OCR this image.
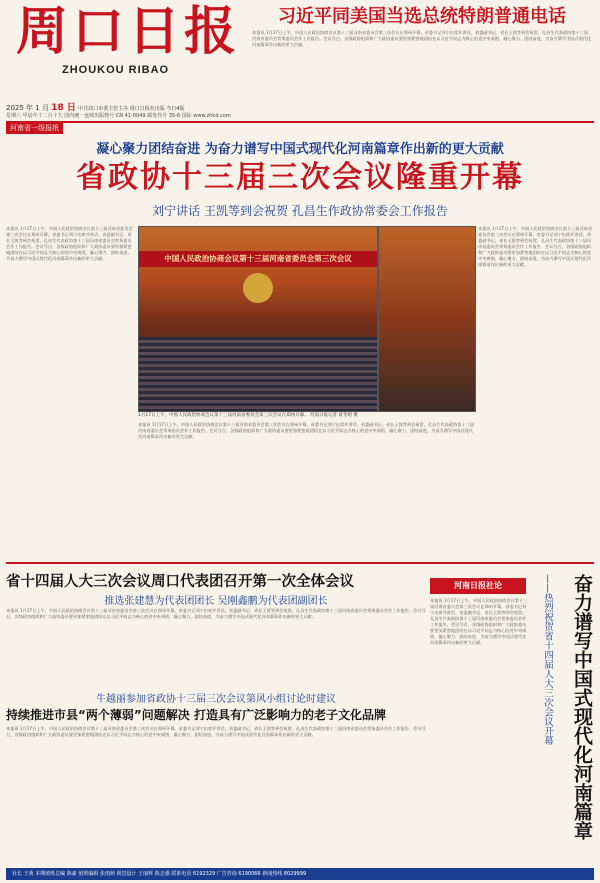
周口日报
ZHOUKOU RIBAO
2025 年 1 月 18 日 中共周口市委主管主办 周口日报社出版 今日4版
星期六 甲辰年十二月十九 国内统一连续出版物号 CN 41-0049 邮发代号 35-6 国际 www.zhkd.com
习近平同美国当选总统特朗普通电话
本报讯 1月17日上午，中国人民政治协商会议第十三届河南省委员会第三次会议在郑州开幕。省委书记刘宁出席并讲话。省委副书记、省长王凯等到会祝贺。孔昌生代表政协第十三届河南省委员会常务委员会作工作报告。会议号召，各级政协组织和广大政协委员要更加紧密地团结在以习近平同志为核心的党中央周围，凝心聚力、团结奋进，为奋力谱写中国式现代化河南篇章作出新的更大贡献。
河南省一级报纸
凝心聚力团结奋进 为奋力谱写中国式现代化河南篇章作出新的更大贡献
省政协十三届三次会议隆重开幕
刘宁讲话 王凯等到会祝贺 孔昌生作政协常委会工作报告
本报讯 1月17日上午，中国人民政治协商会议第十三届河南省委员会第三次会议在郑州开幕。省委书记刘宁出席并讲话。省委副书记、省长王凯等到会祝贺。孔昌生代表政协第十三届河南省委员会常务委员会作工作报告。会议号召，各级政协组织和广大政协委员要更加紧密地团结在以习近平同志为核心的党中央周围，凝心聚力、团结奋进，为奋力谱写中国式现代化河南篇章作出新的更大贡献。	中国人民政治协商会议第十三届河南省委员会第三次会议
1月17日上午，中国人民政治协商会议第十三届河南省委员会第三次会议在郑州开幕。 河南日报记者 聂冬晗 摄
本报讯 1月17日上午，中国人民政治协商会议第十三届河南省委员会第三次会议在郑州开幕。省委书记刘宁出席并讲话。省委副书记、省长王凯等到会祝贺。孔昌生代表政协第十三届河南省委员会常务委员会作工作报告。会议号召，各级政协组织和广大政协委员要更加紧密地团结在以习近平同志为核心的党中央周围，凝心聚力、团结奋进，为奋力谱写中国式现代化河南篇章作出新的更大贡献。
本报讯 1月17日上午，中国人民政治协商会议第十三届河南省委员会第三次会议在郑州开幕。省委书记刘宁出席并讲话。省委副书记、省长王凯等到会祝贺。孔昌生代表政协第十三届河南省委员会常务委员会作工作报告。会议号召，各级政协组织和广大政协委员要更加紧密地团结在以习近平同志为核心的党中央周围，凝心聚力、团结奋进，为奋力谱写中国式现代化河南篇章作出新的更大贡献。
省十四届人大三次会议周口代表团召开第一次全体会议
推选张建慧为代表团团长 吴刚鑫鹏为代表团副团长
本报讯 1月17日上午，中国人民政治协商会议第十三届河南省委员会第三次会议在郑州开幕。省委书记刘宁出席并讲话。省委副书记、省长王凯等到会祝贺。孔昌生代表政协第十三届河南省委员会常务委员会作工作报告。会议号召，各级政协组织和广大政协委员要更加紧密地团结在以习近平同志为核心的党中央周围，凝心聚力、团结奋进，为奋力谱写中国式现代化河南篇章作出新的更大贡献。
牛越丽参加省政协十三届三次会议第风小组讨论时建议
持续推进市县“两个薄弱”问题解决 打造具有广泛影响力的老子文化品牌
本报讯 1月17日上午，中国人民政治协商会议第十三届河南省委员会第三次会议在郑州开幕。省委书记刘宁出席并讲话。省委副书记、省长王凯等到会祝贺。孔昌生代表政协第十三届河南省委员会常务委员会作工作报告。会议号召，各级政协组织和广大政协委员要更加紧密地团结在以习近平同志为核心的党中央周围，凝心聚力、团结奋进，为奋力谱写中国式现代化河南篇章作出新的更大贡献。
河南日报社论
本报讯 1月17日上午，中国人民政治协商会议第十三届河南省委员会第三次会议在郑州开幕。省委书记刘宁出席并讲话。省委副书记、省长王凯等到会祝贺。孔昌生代表政协第十三届河南省委员会常务委员会作工作报告。会议号召，各级政协组织和广大政协委员要更加紧密地团结在以习近平同志为核心的党中央周围，凝心聚力、团结奋进，为奋力谱写中国式现代化河南篇章作出新的更大贡献。	——热烈祝贺省十四届人大三次会议开幕 奋力谱写中国式现代化河南篇章
社长 王萌 本期值班总编 陈豪 值班编辑 张雨萌 视觉设计 王丽辉 陈志强 联系电话 6192329 广告咨询 6190066 新闻热线 8029999
